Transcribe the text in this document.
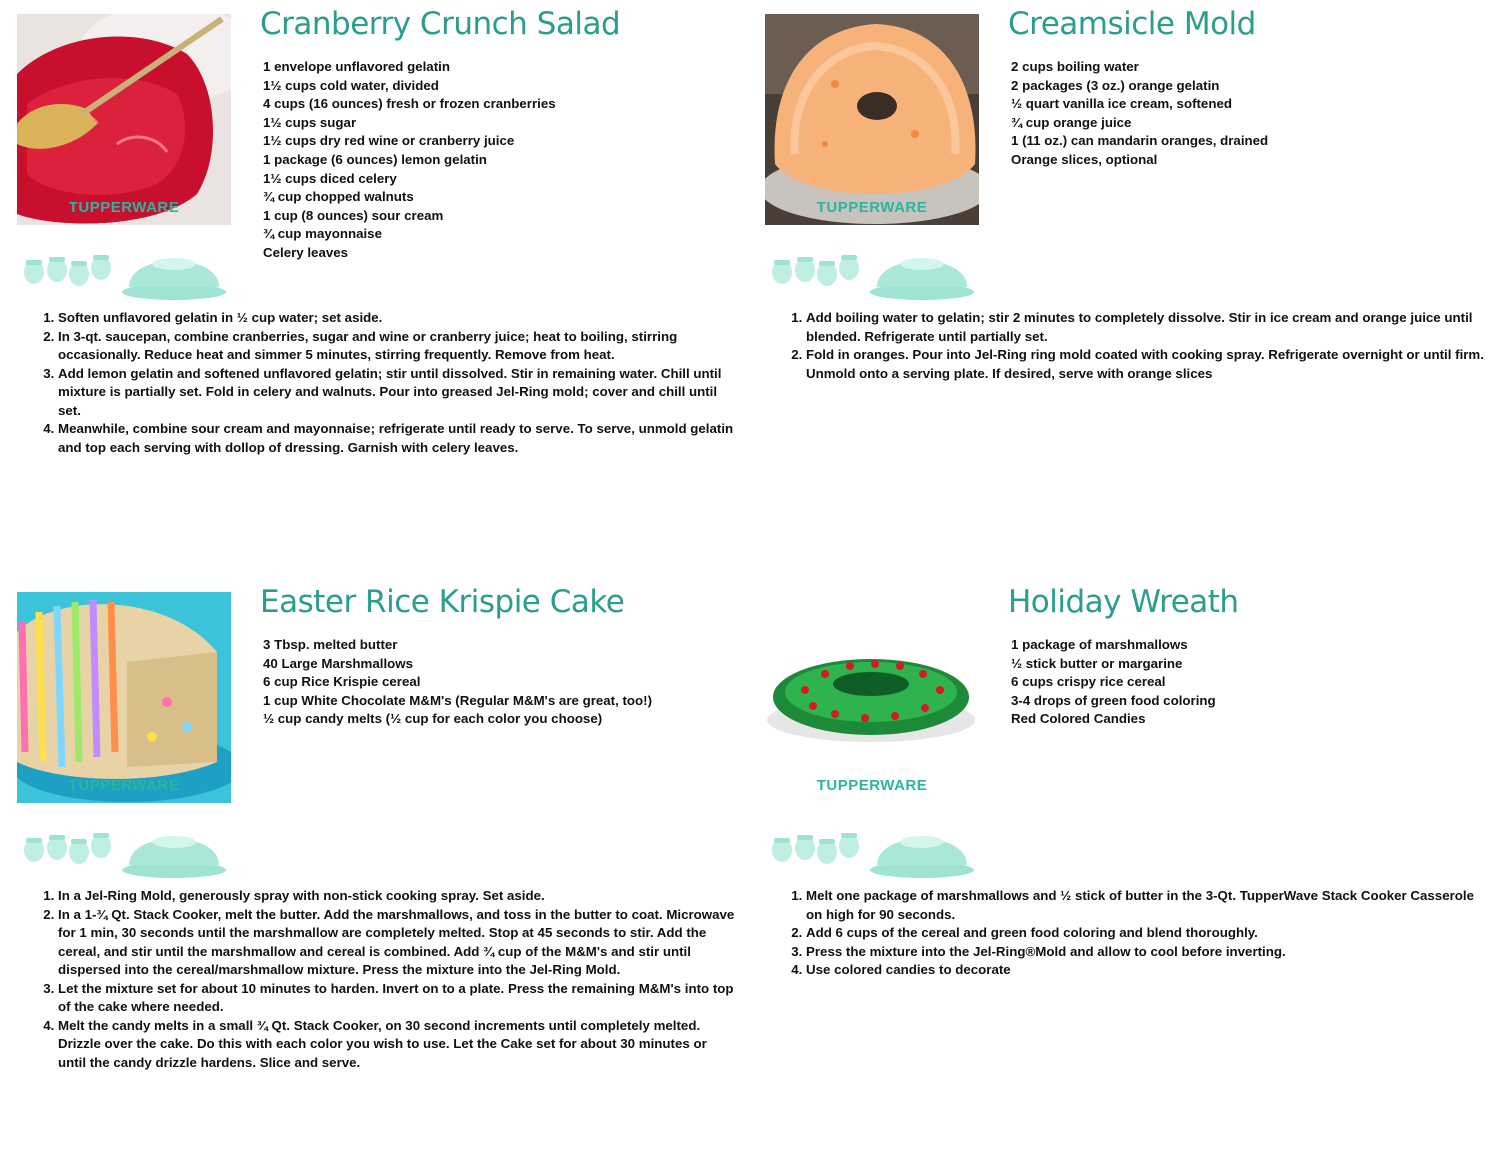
TUPPERWARE
Cranberry Crunch Salad
1 envelope unflavored gelatin
1½ cups cold water, divided
4 cups (16 ounces) fresh or frozen cranberries
1½ cups sugar
1½ cups dry red wine or cranberry juice
1 package (6 ounces) lemon gelatin
1½ cups diced celery
¾ cup chopped walnuts
1 cup (8 ounces) sour cream
¾ cup mayonnaise
Celery leaves
1. Soften unflavored gelatin in ½ cup water; set aside.
2. In 3-qt. saucepan, combine cranberries, sugar and wine or cranberry juice; heat to boiling, stirring occasionally. Reduce heat and simmer 5 minutes, stirring frequently. Remove from heat.
3. Add lemon gelatin and softened unflavored gelatin; stir until dissolved. Stir in remaining water. Chill until mixture is partially set. Fold in celery and walnuts. Pour into greased Jel-Ring mold; cover and chill until set.
4. Meanwhile, combine sour cream and mayonnaise; refrigerate until ready to serve. To serve, unmold gelatin and top each serving with dollop of dressing. Garnish with celery leaves.
TUPPERWARE
Creamsicle Mold
2 cups boiling water
2 packages (3 oz.) orange gelatin
½ quart vanilla ice cream, softened
¾ cup orange juice
1 (11 oz.) can mandarin oranges, drained
Orange slices, optional
1. Add boiling water to gelatin; stir 2 minutes to completely dissolve. Stir in ice cream and orange juice until blended. Refrigerate until partially set.
2. Fold in oranges. Pour into Jel-Ring ring mold coated with cooking spray. Refrigerate overnight or until firm. Unmold onto a serving plate. If desired, serve with orange slices
TUPPERWARE
Easter Rice Krispie Cake
3 Tbsp. melted butter
40 Large Marshmallows
6 cup Rice Krispie cereal
1 cup White Chocolate M&M's (Regular M&M's are great, too!)
½ cup candy melts (½ cup for each color you choose)
1. In a Jel-Ring Mold, generously spray with non-stick cooking spray. Set aside.
2. In a 1-¾ Qt. Stack Cooker, melt the butter. Add the marshmallows, and toss in the butter to coat. Microwave for 1 min, 30 seconds until the marshmallow are completely melted. Stop at 45 seconds to stir. Add the cereal, and stir until the marshmallow and cereal is combined. Add ¾ cup of the M&M's and stir until dispersed into the cereal/marshmallow mixture. Press the mixture into the Jel-Ring Mold.
3. Let the mixture set for about 10 minutes to harden. Invert on to a plate. Press the remaining M&M's into top of the cake where needed.
4. Melt the candy melts in a small ¾ Qt. Stack Cooker, on 30 second increments until completely melted. Drizzle over the cake. Do this with each color you wish to use. Let the Cake set for about 30 minutes or until the candy drizzle hardens. Slice and serve.
TUPPERWARE
Holiday Wreath
1 package of marshmallows
½ stick butter or margarine
6 cups crispy rice cereal
3-4 drops of green food coloring
Red Colored Candies
1. Melt one package of marshmallows and ½ stick of butter in the 3-Qt. TupperWave Stack Cooker Casserole on high for 90 seconds.
2. Add 6 cups of the cereal and green food coloring and blend thoroughly.
3. Press the mixture into the Jel-Ring®Mold and allow to cool before inverting.
4. Use colored candies to decorate
